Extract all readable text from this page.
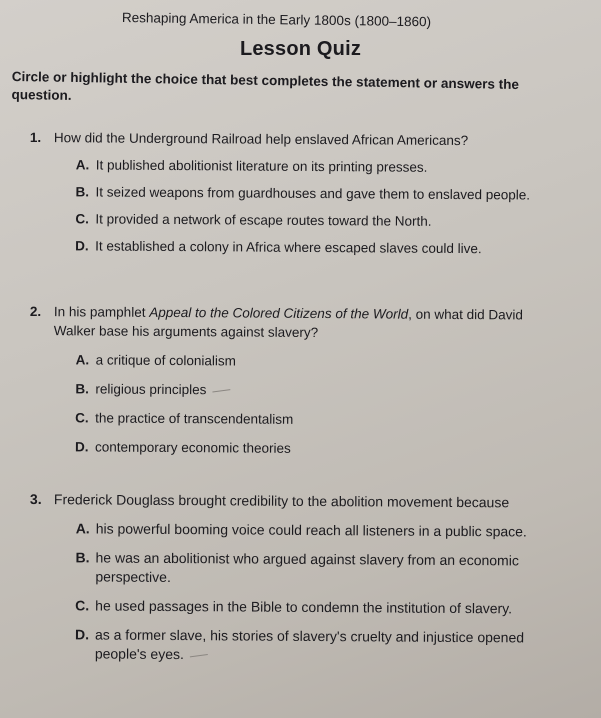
Reshaping America in the Early 1800s (1800–1860)
Lesson Quiz
Circle or highlight the choice that best completes the statement or answers the question.
1. How did the Underground Railroad help enslaved African Americans?
A. It published abolitionist literature on its printing presses.
B. It seized weapons from guardhouses and gave them to enslaved people.
C. It provided a network of escape routes toward the North.
D. It established a colony in Africa where escaped slaves could live.
2. In his pamphlet Appeal to the Colored Citizens of the World, on what did David Walker base his arguments against slavery?
A. a critique of colonialism
B. religious principles
C. the practice of transcendentalism
D. contemporary economic theories
3. Frederick Douglass brought credibility to the abolition movement because
A. his powerful booming voice could reach all listeners in a public space.
B. he was an abolitionist who argued against slavery from an economic perspective.
C. he used passages in the Bible to condemn the institution of slavery.
D. as a former slave, his stories of slavery's cruelty and injustice opened people's eyes.
